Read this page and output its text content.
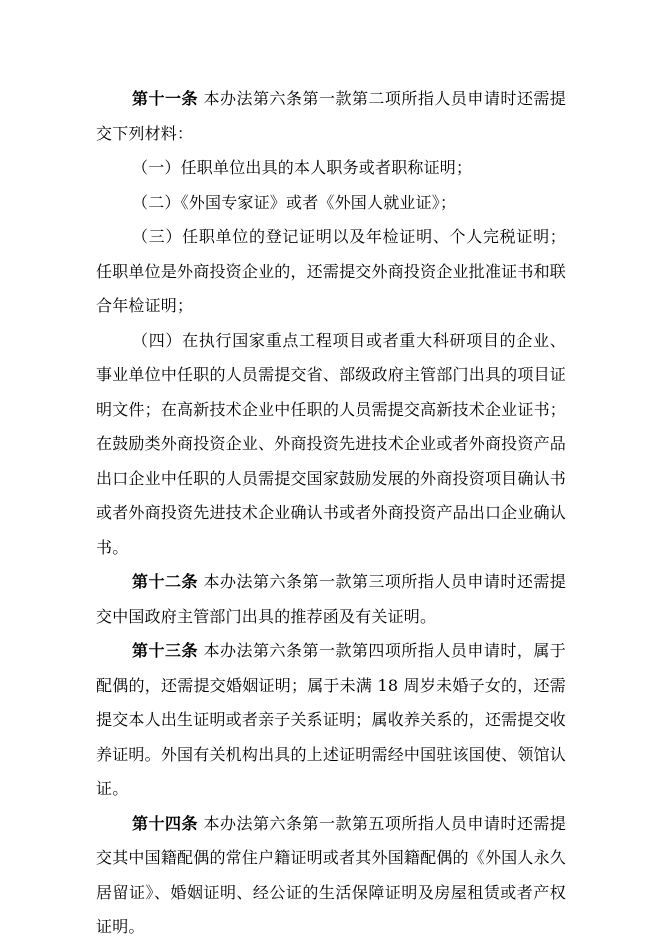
第十一条 本办法第六条第一款第二项所指人员申请时还需提交下列材料：

（一）任职单位出具的本人职务或者职称证明；

（二）《外国专家证》或者《外国人就业证》；

（三）任职单位的登记证明以及年检证明、个人完税证明；任职单位是外商投资企业的，还需提交外商投资企业批准证书和联合年检证明；

（四）在执行国家重点工程项目或者重大科研项目的企业、事业单位中任职的人员需提交省、部级政府主管部门出具的项目证明文件；在高新技术企业中任职的人员需提交高新技术企业证书；在鼓励类外商投资企业、外商投资先进技术企业或者外商投资产品出口企业中任职的人员需提交国家鼓励发展的外商投资项目确认书或者外商投资先进技术企业确认书或者外商投资产品出口企业确认书。

第十二条 本办法第六条第一款第三项所指人员申请时还需提交中国政府主管部门出具的推荐函及有关证明。

第十三条 本办法第六条第一款第四项所指人员申请时，属于配偶的，还需提交婚姻证明；属于未满 18 周岁未婚子女的，还需提交本人出生证明或者亲子关系证明；属收养关系的，还需提交收养证明。外国有关机构出具的上述证明需经中国驻该国使、领馆认证。

第十四条 本办法第六条第一款第五项所指人员申请时还需提交其中国籍配偶的常住户籍证明或者其外国籍配偶的《外国人永久居留证》、婚姻证明、经公证的生活保障证明及房屋租赁或者产权证明。
